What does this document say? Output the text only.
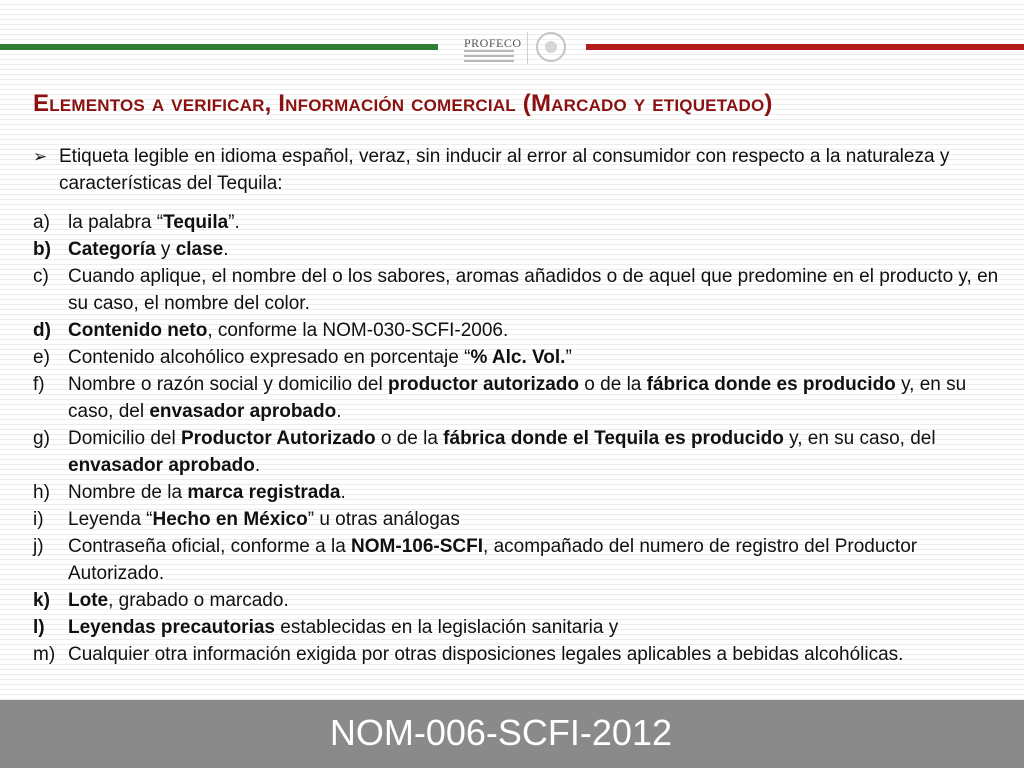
PROFECO
Elementos a verificar, Información comercial (Marcado y etiquetado)
➢ Etiqueta legible en idioma español, veraz, sin inducir al error al consumidor con respecto a la naturaleza y características del Tequila:
a) la palabra “Tequila”.
b) Categoría y clase.
c)	Cuando aplique, el nombre del o los sabores, aromas añadidos o de aquel que predomine en el producto y, en su caso, el nombre del color.
d) Contenido neto, conforme la NOM-030-SCFI-2006.
e) Contenido alcohólico expresado en porcentaje “% Alc. Vol.”
f)	Nombre o razón social y domicilio del productor autorizado o de la fábrica donde es producido y, en su caso, del envasador aprobado.
g) Domicilio del Productor Autorizado o de la fábrica donde el Tequila es producido y, en su caso, del envasador aprobado.
h) Nombre de la marca registrada.
i)	Leyenda “Hecho en México” u otras análogas
j)	Contraseña oficial, conforme a la NOM-106-SCFI, acompañado del numero de registro del Productor Autorizado.
k) Lote, grabado o marcado.
l)	Leyendas precautorias establecidas en la legislación sanitaria y
m) Cualquier otra información exigida por otras disposiciones legales aplicables a bebidas alcohólicas.
NOM-006-SCFI-2012
